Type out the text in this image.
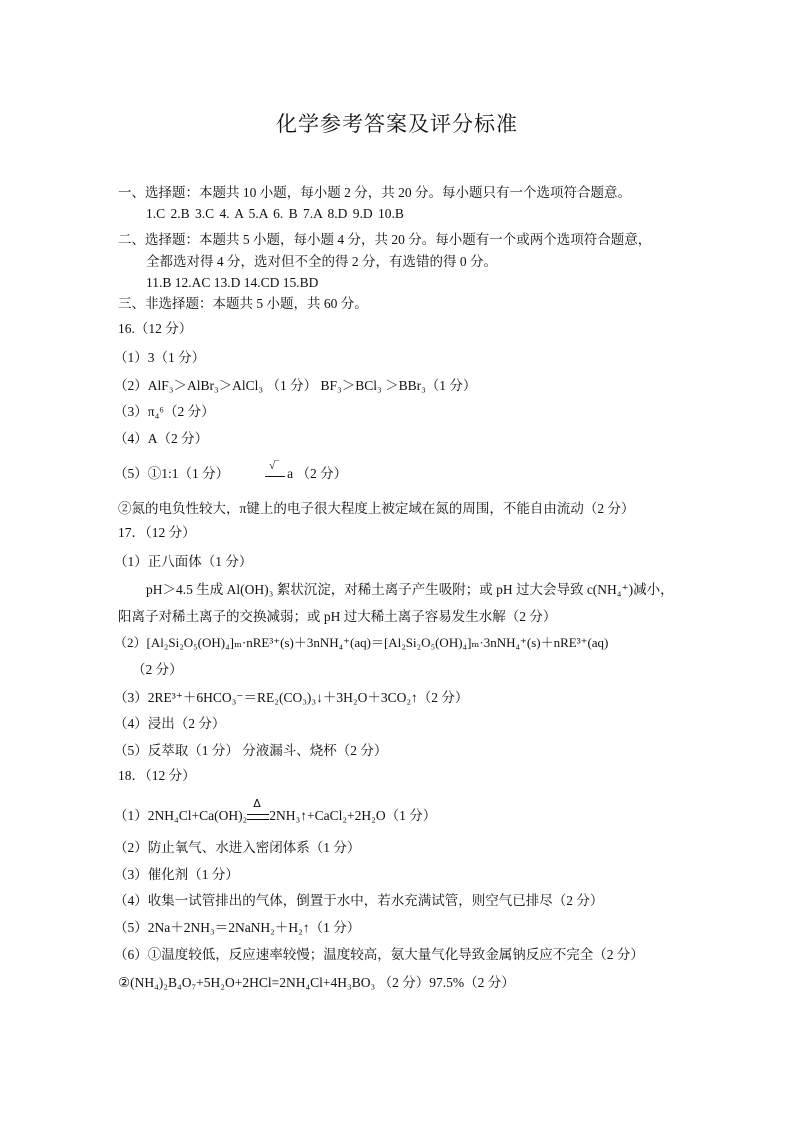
化学参考答案及评分标准
一、选择题：本题共 10 小题，每小题 2 分，共 20 分。每小题只有一个选项符合题意。
1.C 2.B 3.C 4. A 5.A 6. B 7.A 8.D 9.D 10.B
二、选择题：本题共 5 小题，每小题 4 分，共 20 分。每小题有一个或两个选项符合题意，
全都选对得 4 分，选对但不全的得 2 分，有选错的得 0 分。
11.B 12.AC 13.D 14.CD 15.BD
三、非选择题：本题共 5 小题，共 60 分。
16.（12 分）
（1）3（1 分）
（2）AlF₃＞AlBr₃＞AlCl₃ （1 分） BF₃＞BCl₃ ＞BBr₃（1 分）
（3）π₄⁶（2 分）
（4）A（2 分）
（5）①1:1（1 分）
√‾
a （2 分）
②氮的电负性较大，π键上的电子很大程度上被定域在氮的周围，不能自由流动（2 分）
17．（12 分）
（1）正八面体（1 分）
pH＞4.5 生成 Al(OH)₃ 絮状沉淀，对稀土离子产生吸附；或 pH 过大会导致 c(NH₄⁺)减小，
阳离子对稀土离子的交换减弱；或 pH 过大稀土离子容易发生水解（2 分）
（2）[Al₂Si₂O₅(OH)₄]ₘ·nRE³⁺(s)＋3nNH₄⁺(aq)＝[Al₂Si₂O₅(OH)₄]ₘ·3nNH₄⁺(s)＋nRE³⁺(aq)
（2 分）
（3）2RE³⁺＋6HCO₃⁻＝RE₂(CO₃)₃↓＋3H₂O＋3CO₂↑（2 分）
（4）浸出（2 分）
（5）反萃取（1 分） 分液漏斗、烧杯（2 分）
18．（12 分）
（1）2NH₄Cl+Ca(OH)₂
Δ
2NH₃↑+CaCl₂+2H₂O（1 分）
（2）防止氧气、水进入密闭体系（1 分）
（3）催化剂（1 分）
（4）收集一试管排出的气体，倒置于水中，若水充满试管，则空气已排尽（2 分）
（5）2Na＋2NH₃＝2NaNH₂＋H₂↑（1 分）
（6）①温度较低，反应速率较慢；温度较高，氨大量气化导致金属钠反应不完全（2 分）
②(NH₄)₂B₄O₇+5H₂O+2HCl=2NH₄Cl+4H₃BO₃ （2 分）97.5%（2 分）
